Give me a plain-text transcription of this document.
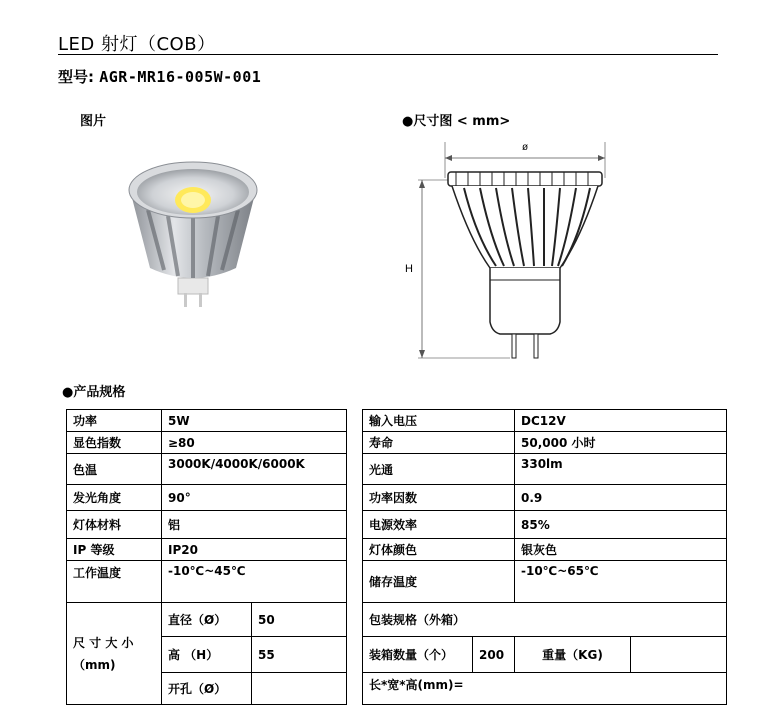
LED 射灯（COB）
型号: AGR-MR16-005W-001
图片	●尺寸图 < mm>
ø
H
●产品规格
功率	5W			输入电压		DC12V	
显色指数	≥80			寿命		50,000 小时	
色温	3000K/4000K/6000K			光通		330lm	
发光角度	90°			功率因数		0.9	
灯体材料	铝			电源效率		85%	
IP 等级	IP20			灯体颜色		银灰色	
工作温度	-10℃~45℃			储存温度		-10℃~65℃	

尺 寸 大 小
（mm)	直径（Ø）	50		包装规格（外箱）			
	高 （H）	55		装箱数量（个）	200	重量（KG)	
	开孔（Ø）			长*宽*高(mm)=			
